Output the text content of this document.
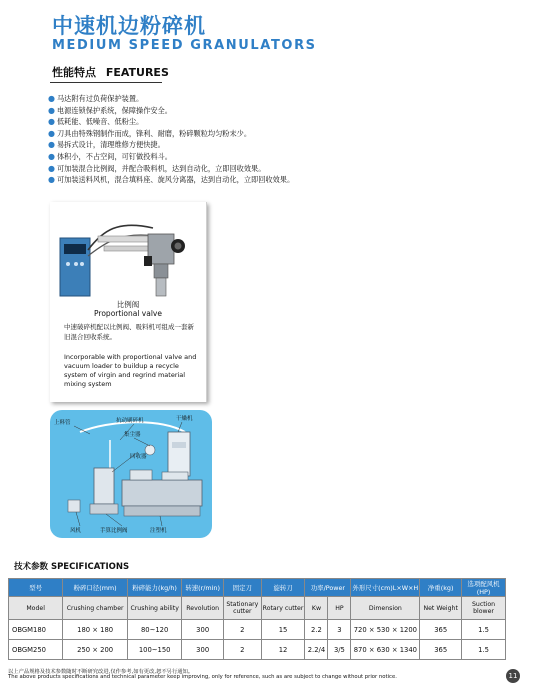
中速机边粉碎机
MEDIUM SPEED GRANULATORS
性能特点 FEATURES
● 马达附有过负荷保护装置。
● 电源连锁保护系统，保障操作安全。
● 低耗能、低噪音、低粉尘。
● 刀具由特殊钢制作而成，锋利、耐磨，粉碎颗粒均匀粉末少。
● 易拆式设计，清理维修方便快捷。
● 体积小，不占空间，可钉做投料斗。
● 可加装混合比例阀，并配合吸料机，达到自动化，立即回收效果。
● 可加装送料风机，混合填料座、旋风分离器，达到自动化，立即回收效果。
比例阀
Proportional valve
中速破碎机配以比例阀、吸料机可组成一套新旧混合回收系统。
Incorporable with proportional valve and vacuum loader to buildup a recycle system of virgin and regrind material mixing system
上料管	抗动刷碎机	干燥机
集尘器
回收器
风机	手算比例阀	注塑机
技术参数 SPECIFICATIONS
型号	粉碎口径(mm)	粉碎能力(kg/h)	转速(r/min)	固定刀	旋转刀	功率/Power		外形尺寸(cm)L×W×H	净重(kg)	选项配风机(HP)
Model	Crushing chamber	Crushing ability	Revolution	Stationary cutter	Rotary cutter	Kw	HP	Dimension	Net Weight	Suction blower
OBGM180	180 × 180	80~120	300	2	15	2.2	3	720 × 530 × 1200	365	1.5
OBGM250	250 × 200	100~150	300	2	12	2.2/4	3/5	870 × 630 × 1340	365	1.5
以上产品规格及技术参数随时不断研究改进,仅作参考,如有更改,恕不另行通知。
The above products specifications and technical parameter keep improving, only for reference, such as are subject to change without prior notice.	11
